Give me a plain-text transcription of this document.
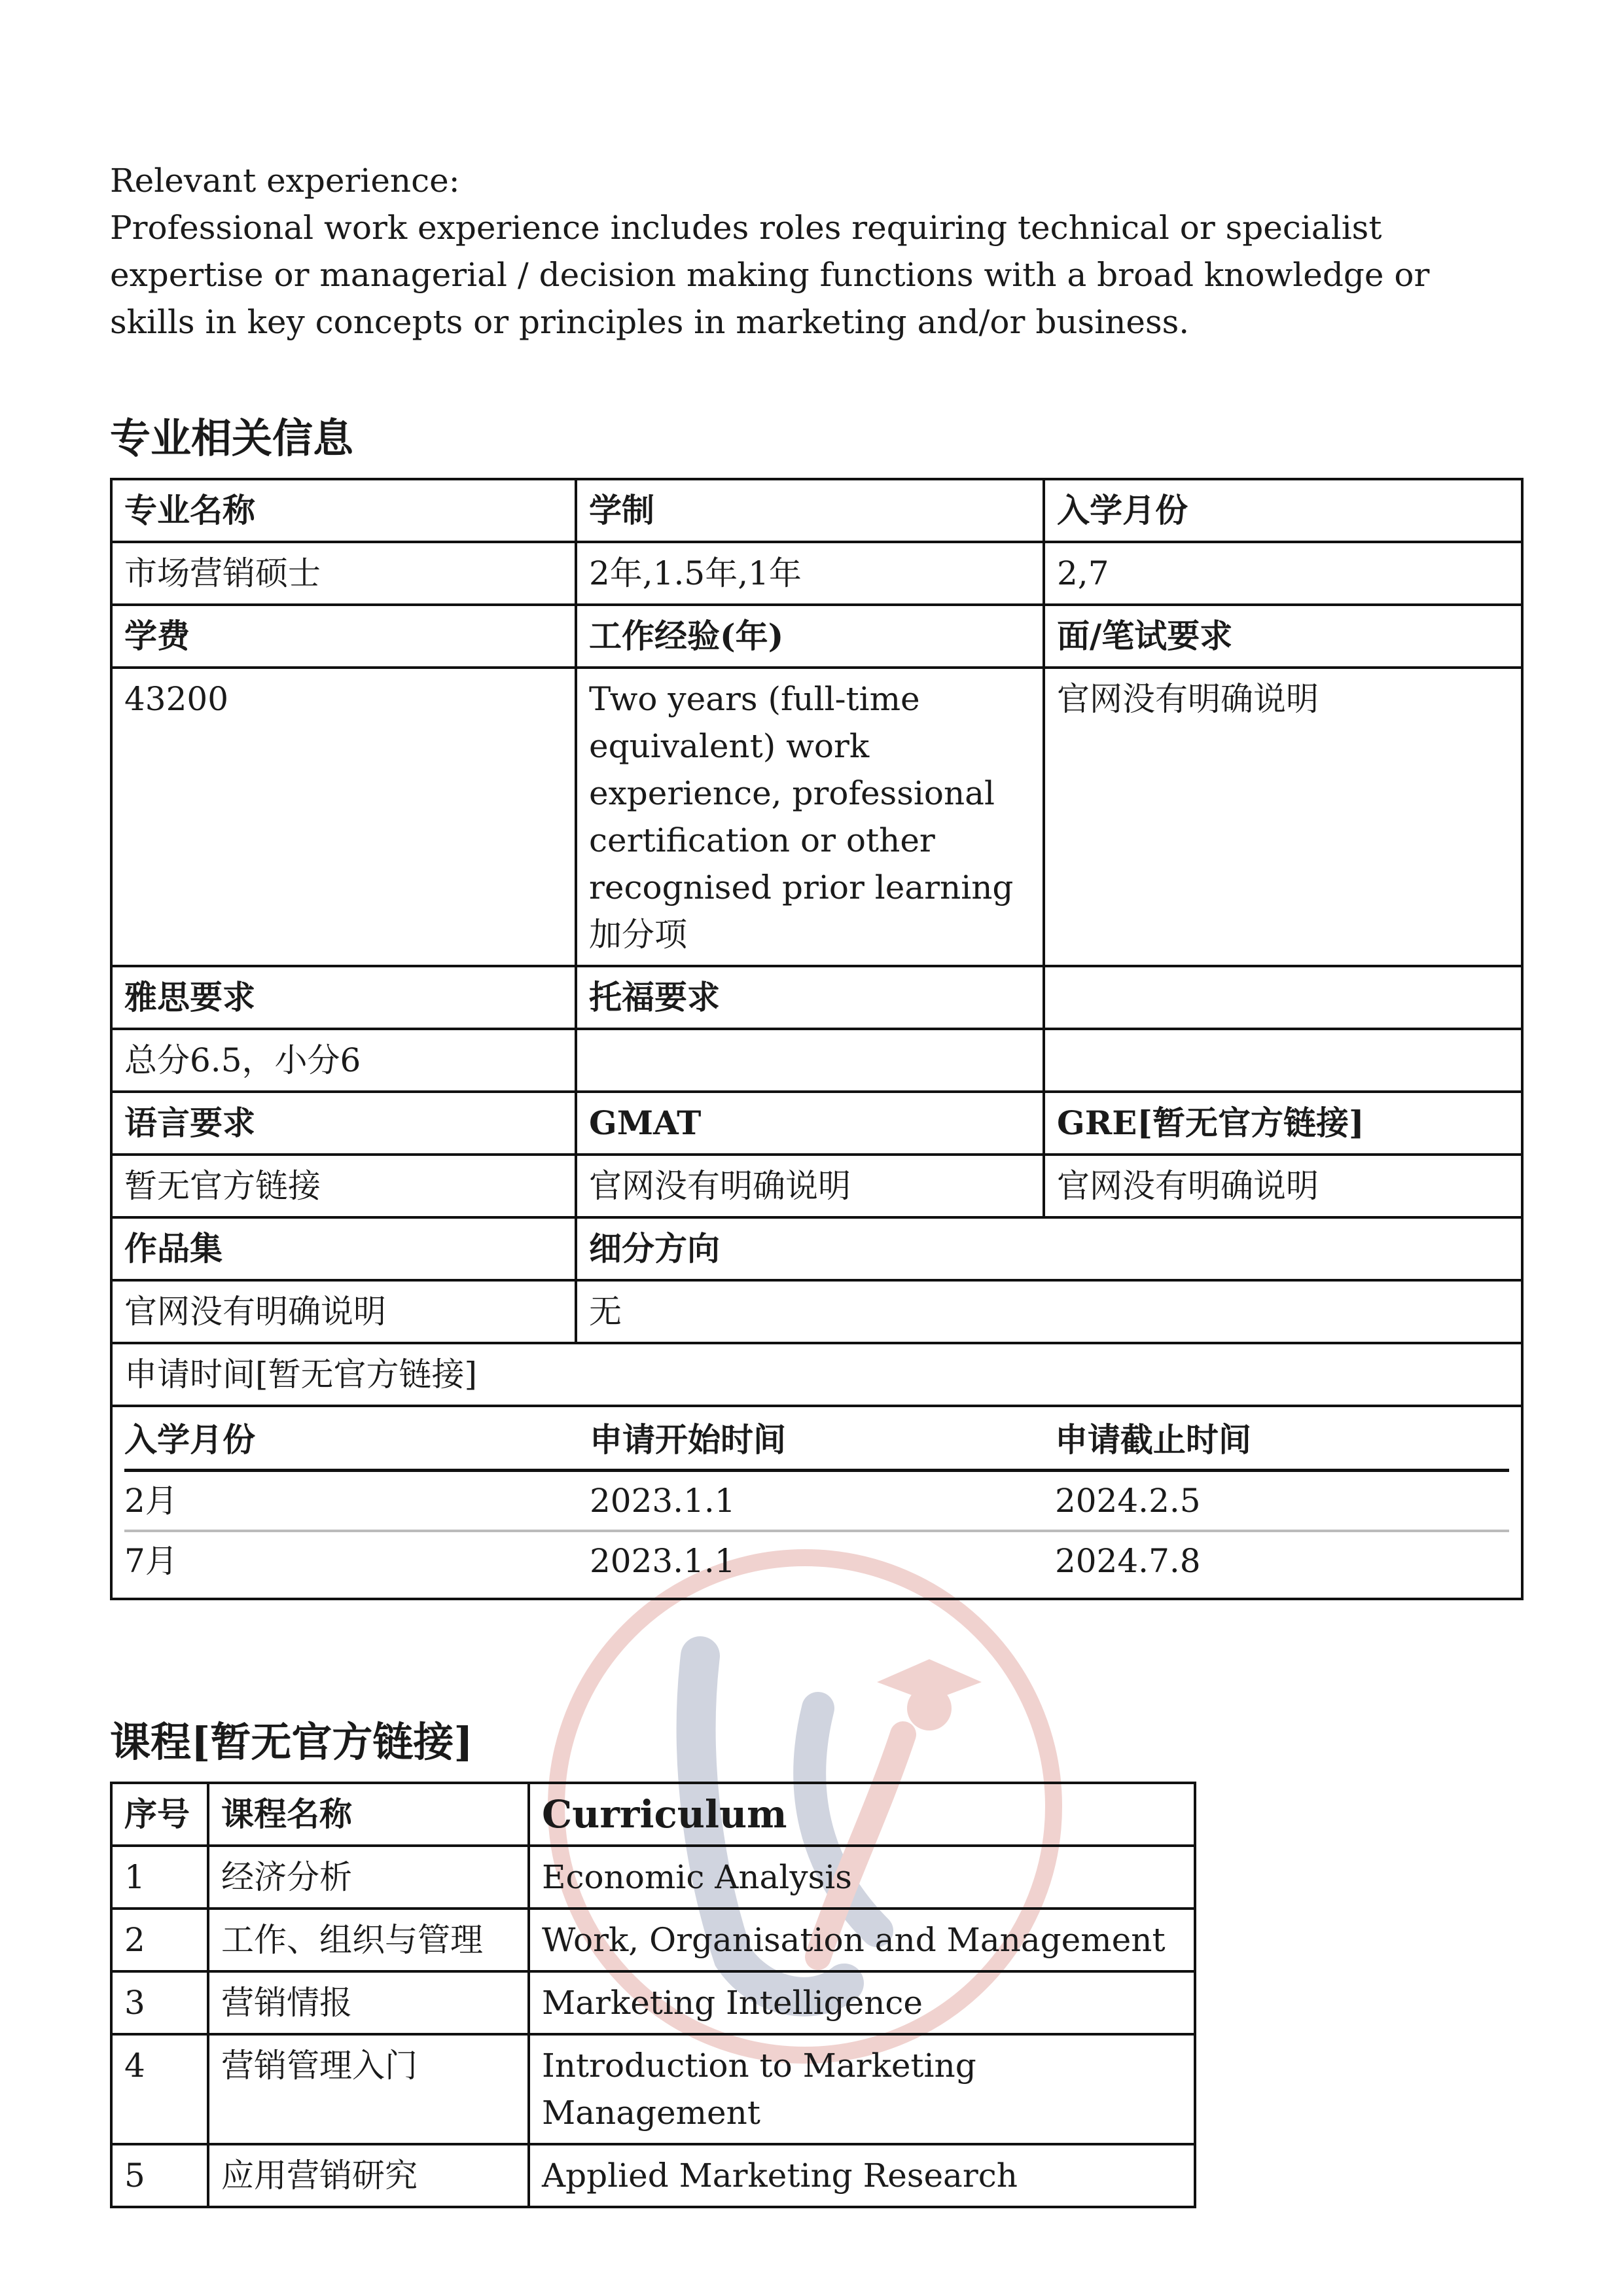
Relevant experience:

Professional work experience includes roles requiring technical or specialist expertise or managerial / decision making functions with a broad knowledge or skills in key concepts or principles in marketing and/or business.

专业相关信息
专业名称	学制	入学月份
市场营销硕士	2年,1.5年,1年	2,7
学费	工作经验(年)	面/笔试要求
43200	Two years (full-time equivalent) work experience, professional certification or other recognised prior learning加分项	官网没有明确说明
雅思要求	托福要求	
总分6.5，小分6		
语言要求	GMAT	GRE[暂无官方链接]
暂无官方链接	官网没有明确说明	官网没有明确说明
作品集	细分方向
官网没有明确说明	无
申请时间[暂无官方链接]

入学月份	申请开始时间	申请截止时间
2月	2023.1.1	2024.2.5
7月	2023.1.1	2024.7.8
课程[暂无官方链接]
序号	课程名称	Curriculum
1	经济分析	Economic Analysis
2	工作、组织与管理	Work, Organisation and Management
3	营销情报	Marketing Intelligence
4	营销管理入门	Introduction to Marketing Management
5	应用营销研究	Applied Marketing Research
